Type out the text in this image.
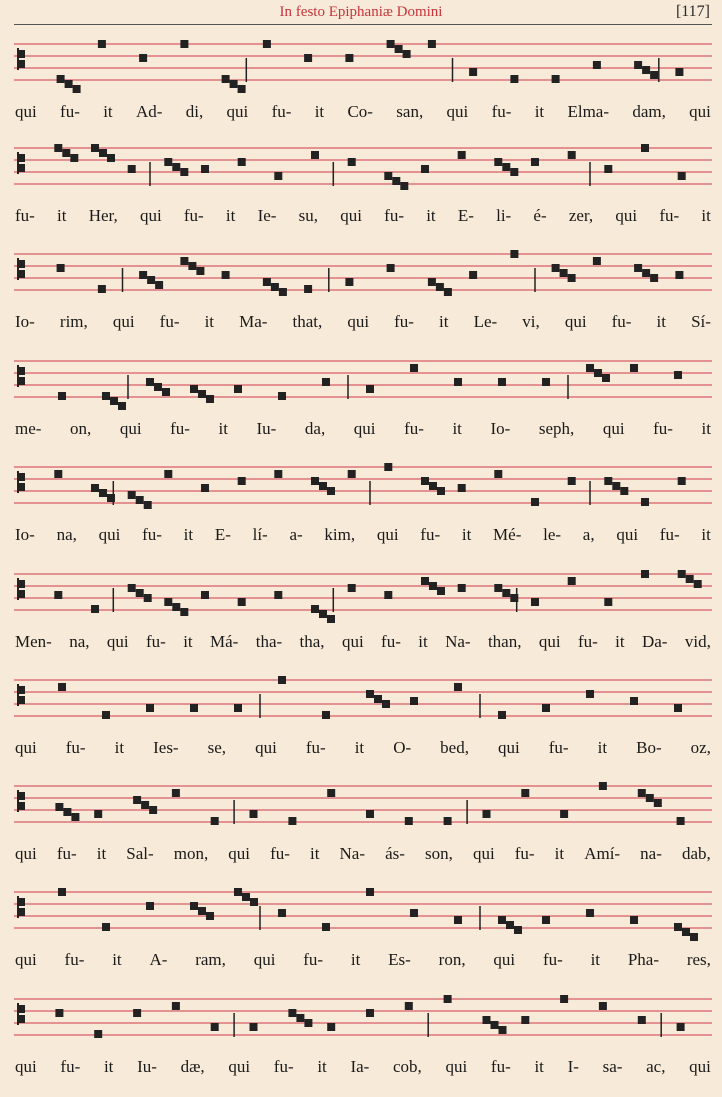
In festo Epiphaniæ Domini	[117]
qui fu- it Ad- di, qui fu- it Co- san, qui fu- it Elma- dam, qui
fu- it Her, qui fu- it Ie- su, qui fu- it E- li- é- zer, qui fu- it
Io- rim, qui fu- it Ma- that, qui fu- it Le- vi, qui fu- it Sí-
me- on, qui fu- it Iu- da, qui fu- it Io- seph, qui fu- it
Io- na, qui fu- it E- lí- a- kim, qui fu- it Mé- le- a, qui fu- it
Men- na, qui fu- it Má- tha- tha, qui fu- it Na- than, qui fu- it Da- vid,
qui fu- it Ies- se, qui fu- it O- bed, qui fu- it Bo- oz,
qui fu- it Sal- mon, qui fu- it Na- ás- son, qui fu- it Amí- na- dab,
qui fu- it A- ram, qui fu- it Es- ron, qui fu- it Pha- res,
qui fu- it Iu- dæ, qui fu- it Ia- cob, qui fu- it I- sa- ac, qui
